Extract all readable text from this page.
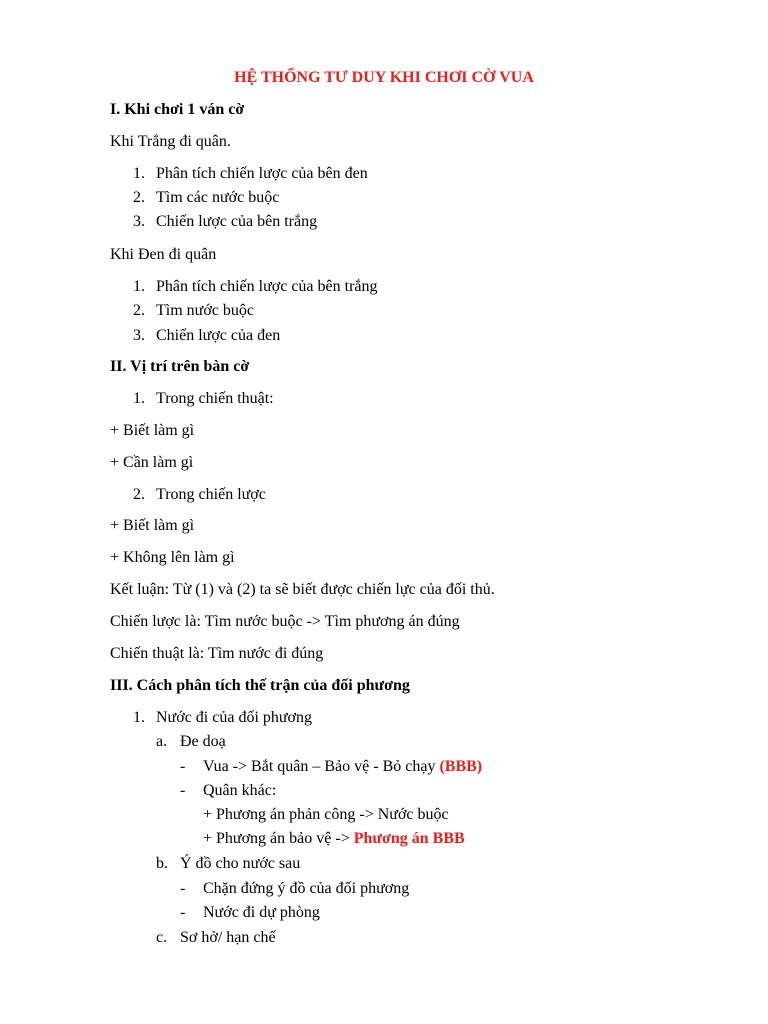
HỆ THỐNG TƯ DUY KHI CHƠI CỜ VUA
I. Khi chơi 1 ván cờ
Khi Trắng đi quân.
1. Phân tích chiến lược của bên đen
2. Tìm các nước buộc
3. Chiến lược của bên trắng
Khi Đen đi quân
1. Phân tích chiến lược của bên trắng
2. Tìm nước buộc
3. Chiến lược của đen
II. Vị trí trên bàn cờ
1. Trong chiến thuật:
+ Biết làm gì
+ Cần làm gì
2. Trong chiến lược
+ Biết làm gì
+ Không lên làm gì
Kết luận: Từ (1) và (2) ta sẽ biết được chiến lực của đối thủ.
Chiến lược là: Tìm nước buộc -> Tìm phương án đúng
Chiến thuật là: Tìm nước đi đúng
III. Cách phân tích thế trận của đối phương
1. Nước đi của đối phương
a. Đe doạ
- Vua -> Bắt quân – Bảo vệ - Bỏ chạy (BBB)
- Quân khác:
+ Phương án phản công -> Nước buộc
+ Phương án bảo vệ -> Phương án BBB
b. Ý đồ cho nước sau
- Chặn đứng ý đồ của đối phương
- Nước đi dự phòng
c. Sơ hở/ hạn chế
